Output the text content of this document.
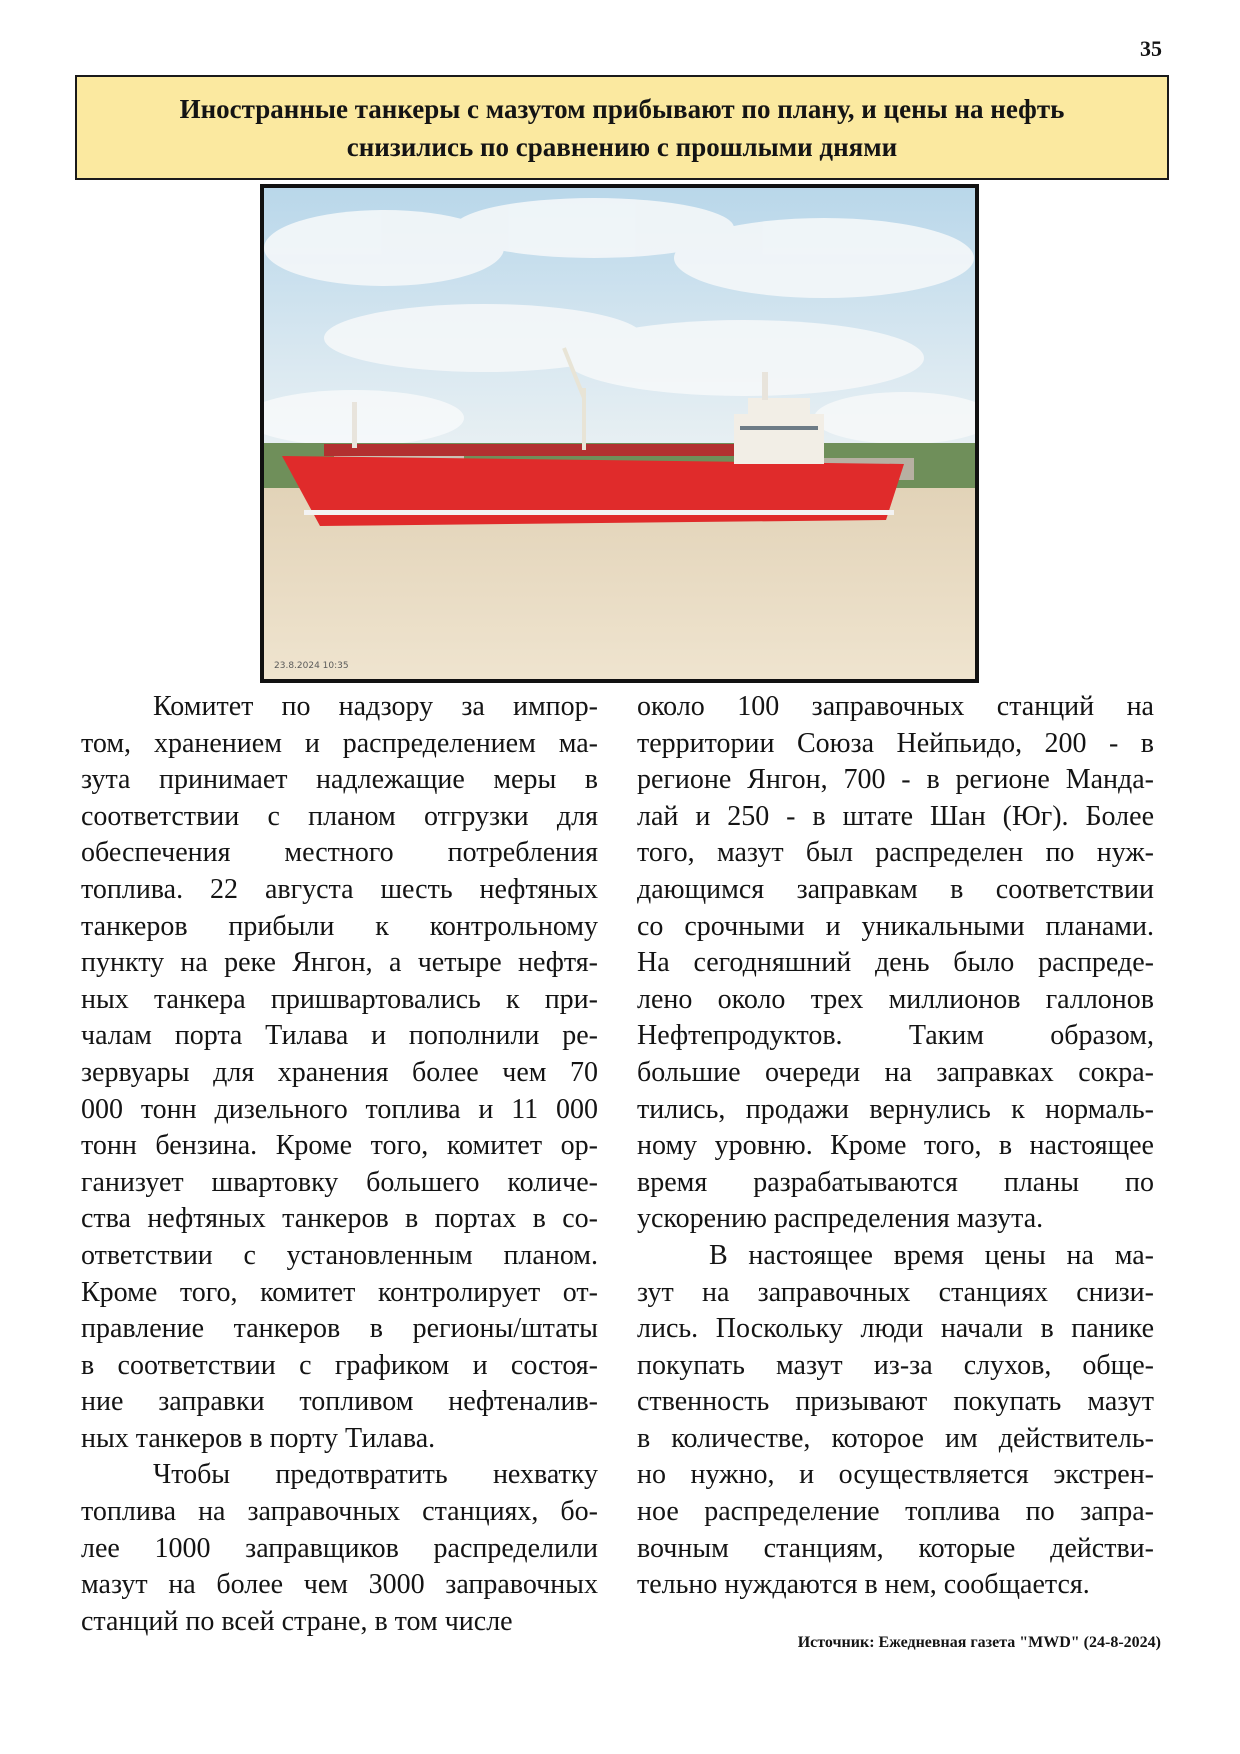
35
Иностранные танкеры с мазутом прибывают по плану, и цены на нефть
снизились по сравнению с прошлыми днями
23.8.2024 10:35
Комитет по надзору за импор-
том, хранением и распределением ма-
зута принимает надлежащие меры в
соответствии с планом отгрузки для
обеспечения местного потребления
топлива. 22 августа шесть нефтяных
танкеров прибыли к контрольному
пункту на реке Янгон, а четыре нефтя-
ных танкера пришвартовались к при-
чалам порта Тилава и пополнили ре-
зервуары для хранения более чем 70
000 тонн дизельного топлива и 11 000
тонн бензина. Кроме того, комитет ор-
ганизует швартовку большего количе-
ства нефтяных танкеров в портах в со-
ответствии с установленным планом.
Кроме того, комитет контролирует от-
правление танкеров в регионы/штаты
в соответствии с графиком и состоя-
ние заправки топливом нефтеналив-
ных танкеров в порту Тилава.
Чтобы предотвратить нехватку
топлива на заправочных станциях, бо-
лее 1000 заправщиков распределили
мазут на более чем 3000 заправочных
станций по всей стране, в том числе
около 100 заправочных станций на
территории Союза Нейпьидо, 200 - в
регионе Янгон, 700 - в регионе Манда-
лай и 250 - в штате Шан (Юг). Более
того, мазут был распределен по нуж-
дающимся заправкам в соответствии
со срочными и уникальными планами.
На сегодняшний день было распреде-
лено около трех миллионов галлонов
Нефтепродуктов. Таким образом,
большие очереди на заправках сокра-
тились, продажи вернулись к нормаль-
ному уровню. Кроме того, в настоящее
время разрабатываются планы по
ускорению распределения мазута.
В настоящее время цены на ма-
зут на заправочных станциях снизи-
лись. Поскольку люди начали в панике
покупать мазут из-за слухов, обще-
ственность призывают покупать мазут
в количестве, которое им действитель-
но нужно, и осуществляется экстрен-
ное распределение топлива по запра-
вочным станциям, которые действи-
тельно нуждаются в нем, сообщается.
Источник: Ежедневная газета "MWD" (24-8-2024)
